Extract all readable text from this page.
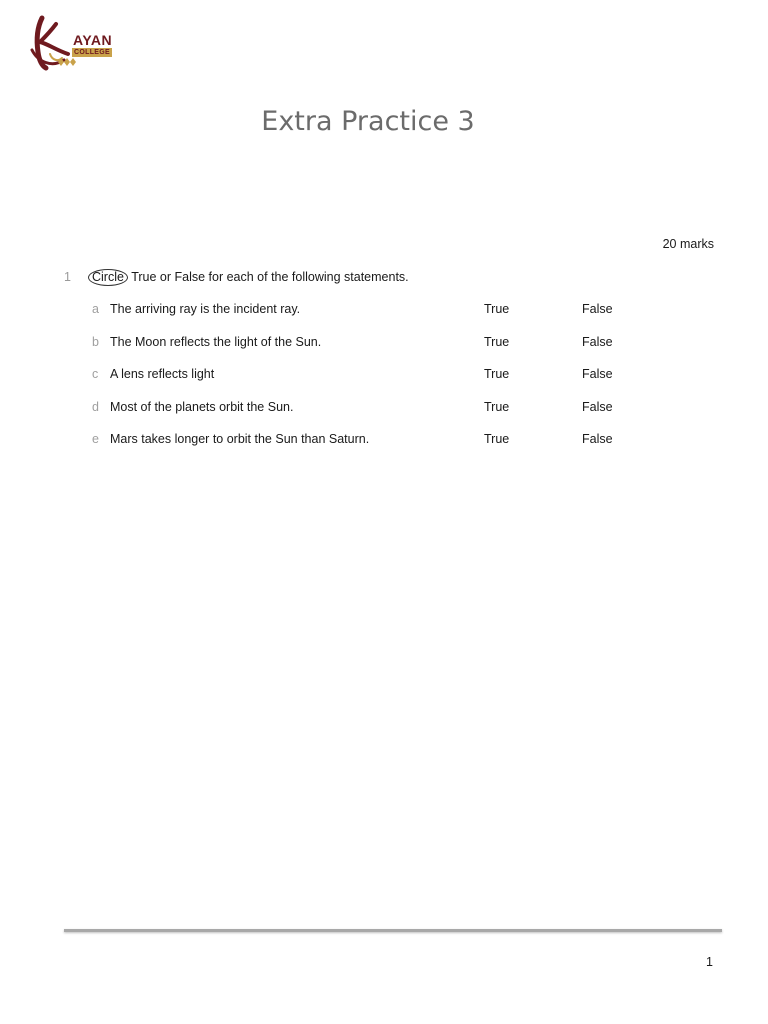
AYAN
COLLEGE
Extra Practice 3
20 marks
1 Circle True or False for each of the following statements.
a The arriving ray is the incident ray.	True	False
b The Moon reflects the light of the Sun.	True	False
c A lens reflects light	True	False
d Most of the planets orbit the Sun.	True	False
e Mars takes longer to orbit the Sun than Saturn.	True	False
1
